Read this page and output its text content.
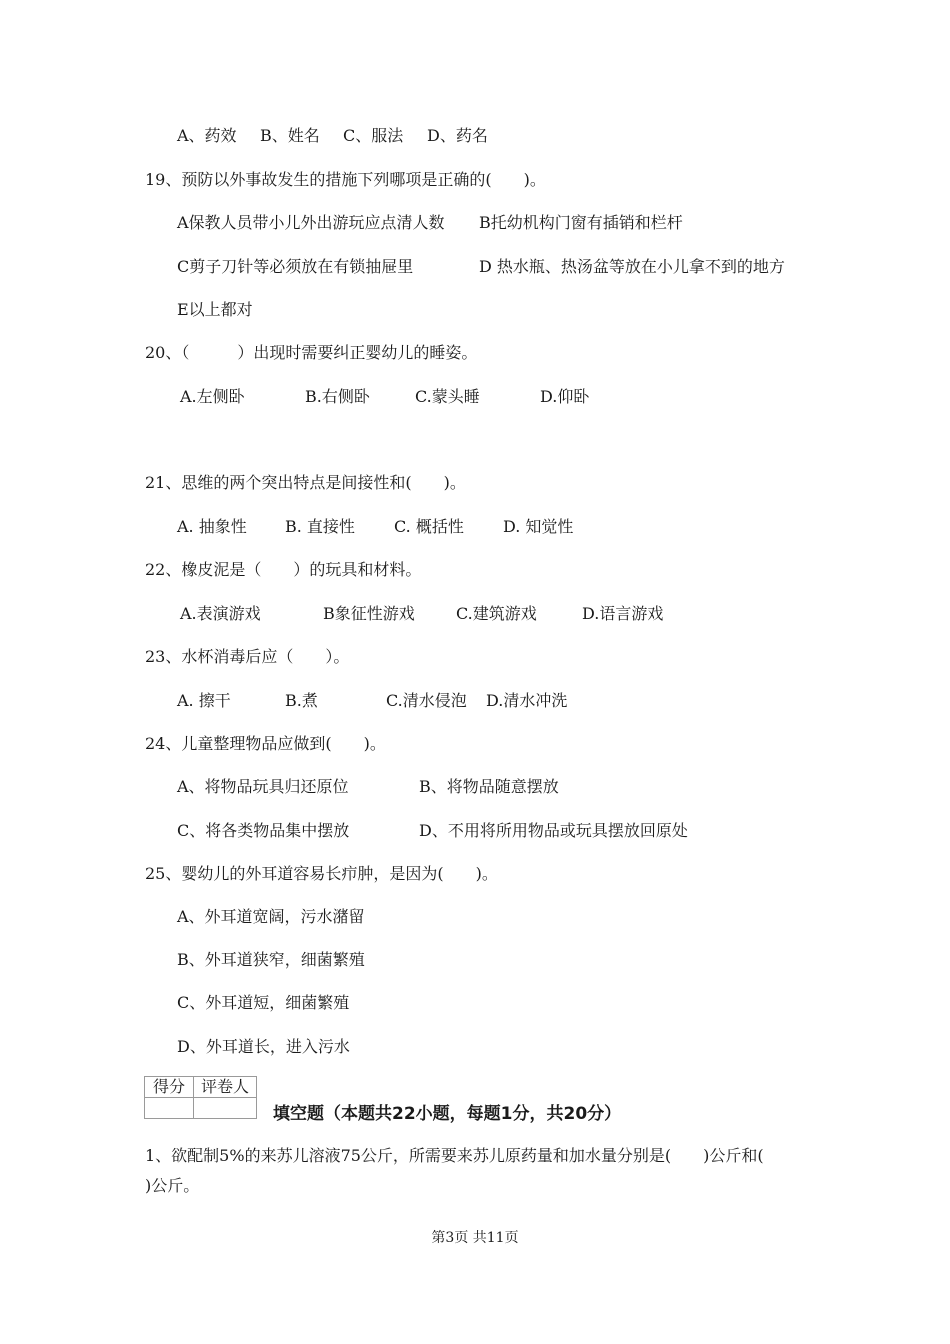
A、药效 B、姓名 C、服法 D、药名
19、预防以外事故发生的措施下列哪项是正确的(　　)。
A保教人员带小儿外出游玩应点清人数 B托幼机构门窗有插销和栏杆
C剪子刀针等必须放在有锁抽屉里	D 热水瓶、热汤盆等放在小儿拿不到的地方
E以上都对
20、（　　　）出现时需要纠正婴幼儿的睡姿。
A.左侧卧	B.右侧卧	C.蒙头睡	D.仰卧
21、思维的两个突出特点是间接性和(　　)。
A. 抽象性 B. 直接性 C. 概括性 D. 知觉性
22、橡皮泥是（　　）的玩具和材料。
A.表演游戏	B象征性游戏	C.建筑游戏	D.语言游戏
23、水杯消毒后应（　　）。
A. 擦干	B.煮	C.清水侵泡 D.清水冲洗
24、儿童整理物品应做到(　　)。
A、将物品玩具归还原位	B、将物品随意摆放
C、将各类物品集中摆放	D、不用将所用物品或玩具摆放回原处
25、婴幼儿的外耳道容易长疖肿，是因为(　　)。
A、外耳道宽阔，污水潴留
B、外耳道狭窄，细菌繁殖
C、外耳道短，细菌繁殖
D、外耳道长，进入污水
得分	评卷人

填空题（本题共22小题，每题1分，共20分）
1、欲配制5%的来苏儿溶液75公斤，所需要来苏儿原药量和加水量分别是(　　)公斤和(
)公斤。
第3页 共11页
